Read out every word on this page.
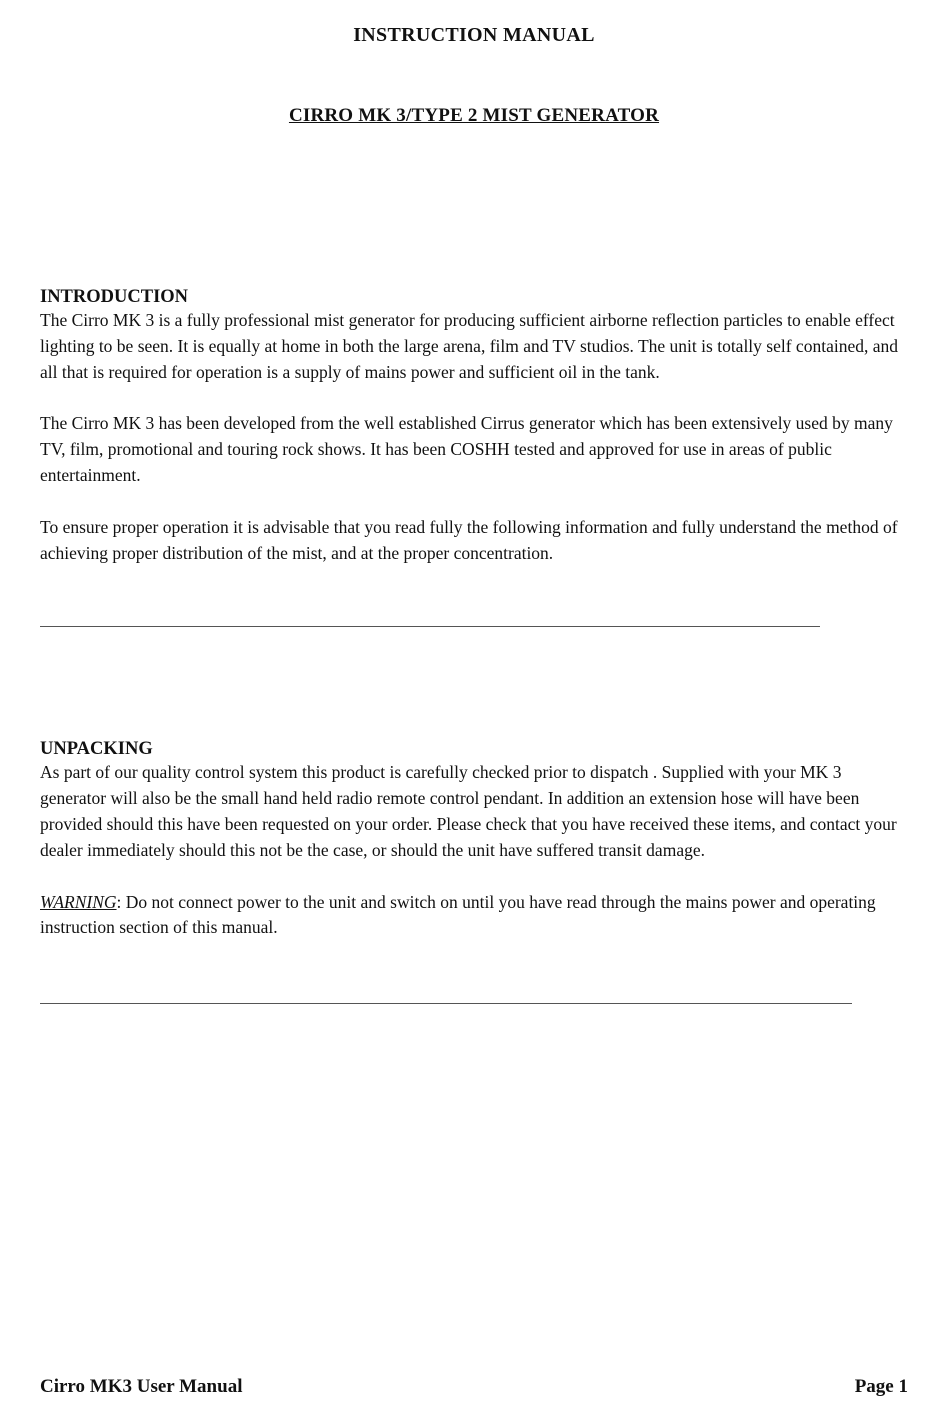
INSTRUCTION MANUAL
CIRRO MK 3/TYPE 2 MIST GENERATOR
INTRODUCTION

The Cirro MK 3 is a fully professional mist generator for producing sufficient airborne reflection particles to enable effect lighting to be seen. It is equally at home in both the large arena, film and TV studios. The unit is totally self contained, and all that is required for operation is a supply of mains power and sufficient oil in the tank.

The Cirro MK 3 has been developed from the well established Cirrus generator which has been extensively used by many TV, film, promotional and touring rock shows. It has been COSHH tested and approved for use in areas of public entertainment.

To ensure proper operation it is advisable that you read fully the following information and fully understand the method of achieving proper distribution of the mist, and at the proper concentration.

UNPACKING

As part of our quality control system this product is carefully checked prior to dispatch . Supplied with your MK 3 generator will also be the small hand held radio remote control pendant. In addition an extension hose will have been provided should this have been requested on your order. Please check that you have received these items, and contact your dealer immediately should this not be the case, or should the unit have suffered transit damage.

WARNING: Do not connect power to the unit and switch on until you have read through the mains power and operating instruction section of this manual.

Cirro MK3 User Manual	Page 1
